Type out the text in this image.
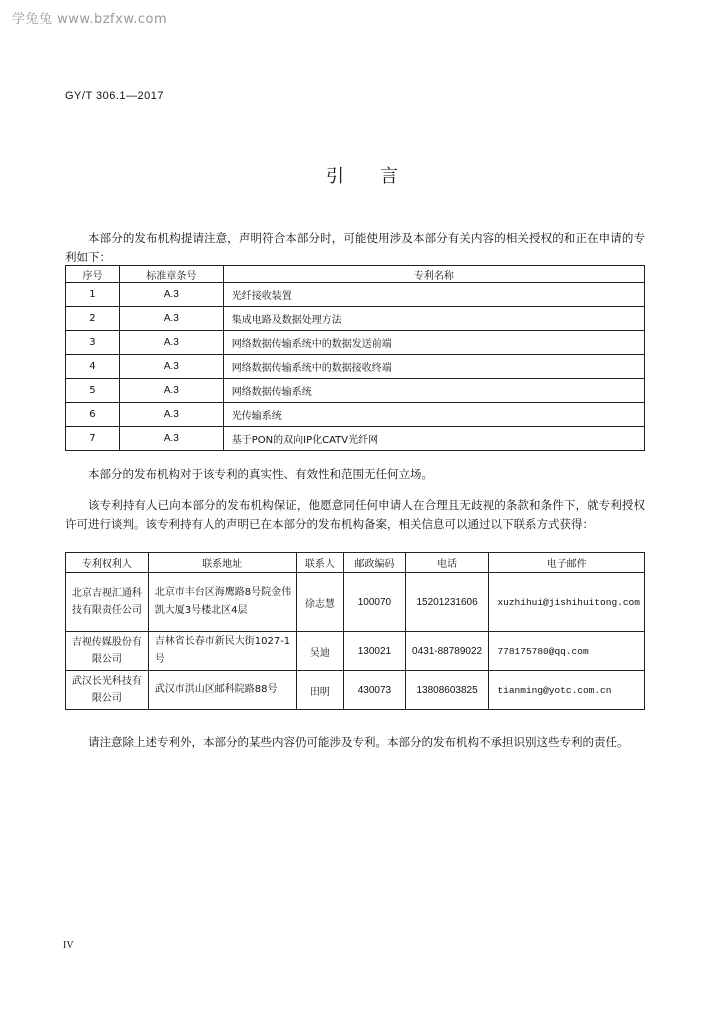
学兔兔 www.bzfxw.com
GY/T 306.1—2017
引言

本部分的发布机构提请注意，声明符合本部分时，可能使用涉及本部分有关内容的相关授权的和正在申请的专利如下：

序号	标准章条号	专利名称
1	A.3	光纤接收装置
2	A.3	集成电路及数据处理方法
3	A.3	网络数据传输系统中的数据发送前端
4	A.3	网络数据传输系统中的数据接收终端
5	A.3	网络数据传输系统
6	A.3	光传输系统
7	A.3	基于PON的双向IP化CATV光纤网

本部分的发布机构对于该专利的真实性、有效性和范围无任何立场。

该专利持有人已向本部分的发布机构保证，他愿意同任何申请人在合理且无歧视的条款和条件下，就专利授权许可进行谈判。该专利持有人的声明已在本部分的发布机构备案，相关信息可以通过以下联系方式获得：

专利权利人	联系地址	联系人	邮政编码	电话	电子邮件
北京吉视汇通科技有限责任公司	北京市丰台区海鹰路8号院金伟凯大厦3号楼北区4层	徐志慧	100070	15201231606	xuzhihui@jishihuitong.com
吉视传媒股份有限公司	吉林省长春市新民大街1027-1号	吴迪	130021	0431-88789022	778175780@qq.com
武汉长光科技有限公司	武汉市洪山区邮科院路88号	田明	430073	13808603825	tianming@yotc.com.cn

请注意除上述专利外，本部分的某些内容仍可能涉及专利。本部分的发布机构不承担识别这些专利的责任。

IV
